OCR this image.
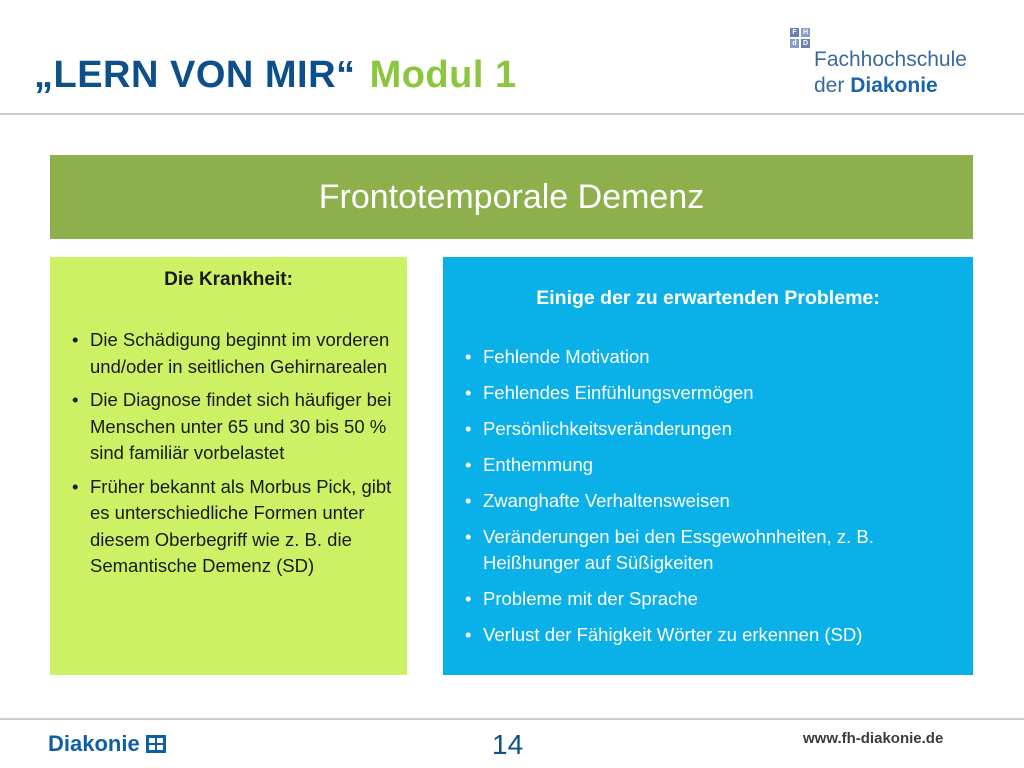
„LERN VON MIR“ Modul 1
F H
d D
Fachhochschule
der Diakonie
Frontotemporale Demenz
Die Krankheit:
• Die Schädigung beginnt im vorderen und/oder in seitlichen Gehirnarealen
• Die Diagnose findet sich häufiger bei Menschen unter 65 und 30 bis 50 % sind familiär vorbelastet
• Früher bekannt als Morbus Pick, gibt es unterschiedliche Formen unter diesem Oberbegriff wie z. B. die Semantische Demenz (SD)
Einige der zu erwartenden Probleme:
• Fehlende Motivation
• Fehlendes Einfühlungsvermögen
• Persönlichkeitsveränderungen
• Enthemmung
• Zwanghafte Verhaltensweisen
• Veränderungen bei den Essgewohnheiten, z. B. Heißhunger auf Süßigkeiten
• Probleme mit der Sprache
• Verlust der Fähigkeit Wörter zu erkennen (SD)
Diakonie	14	www.fh-diakonie.de
